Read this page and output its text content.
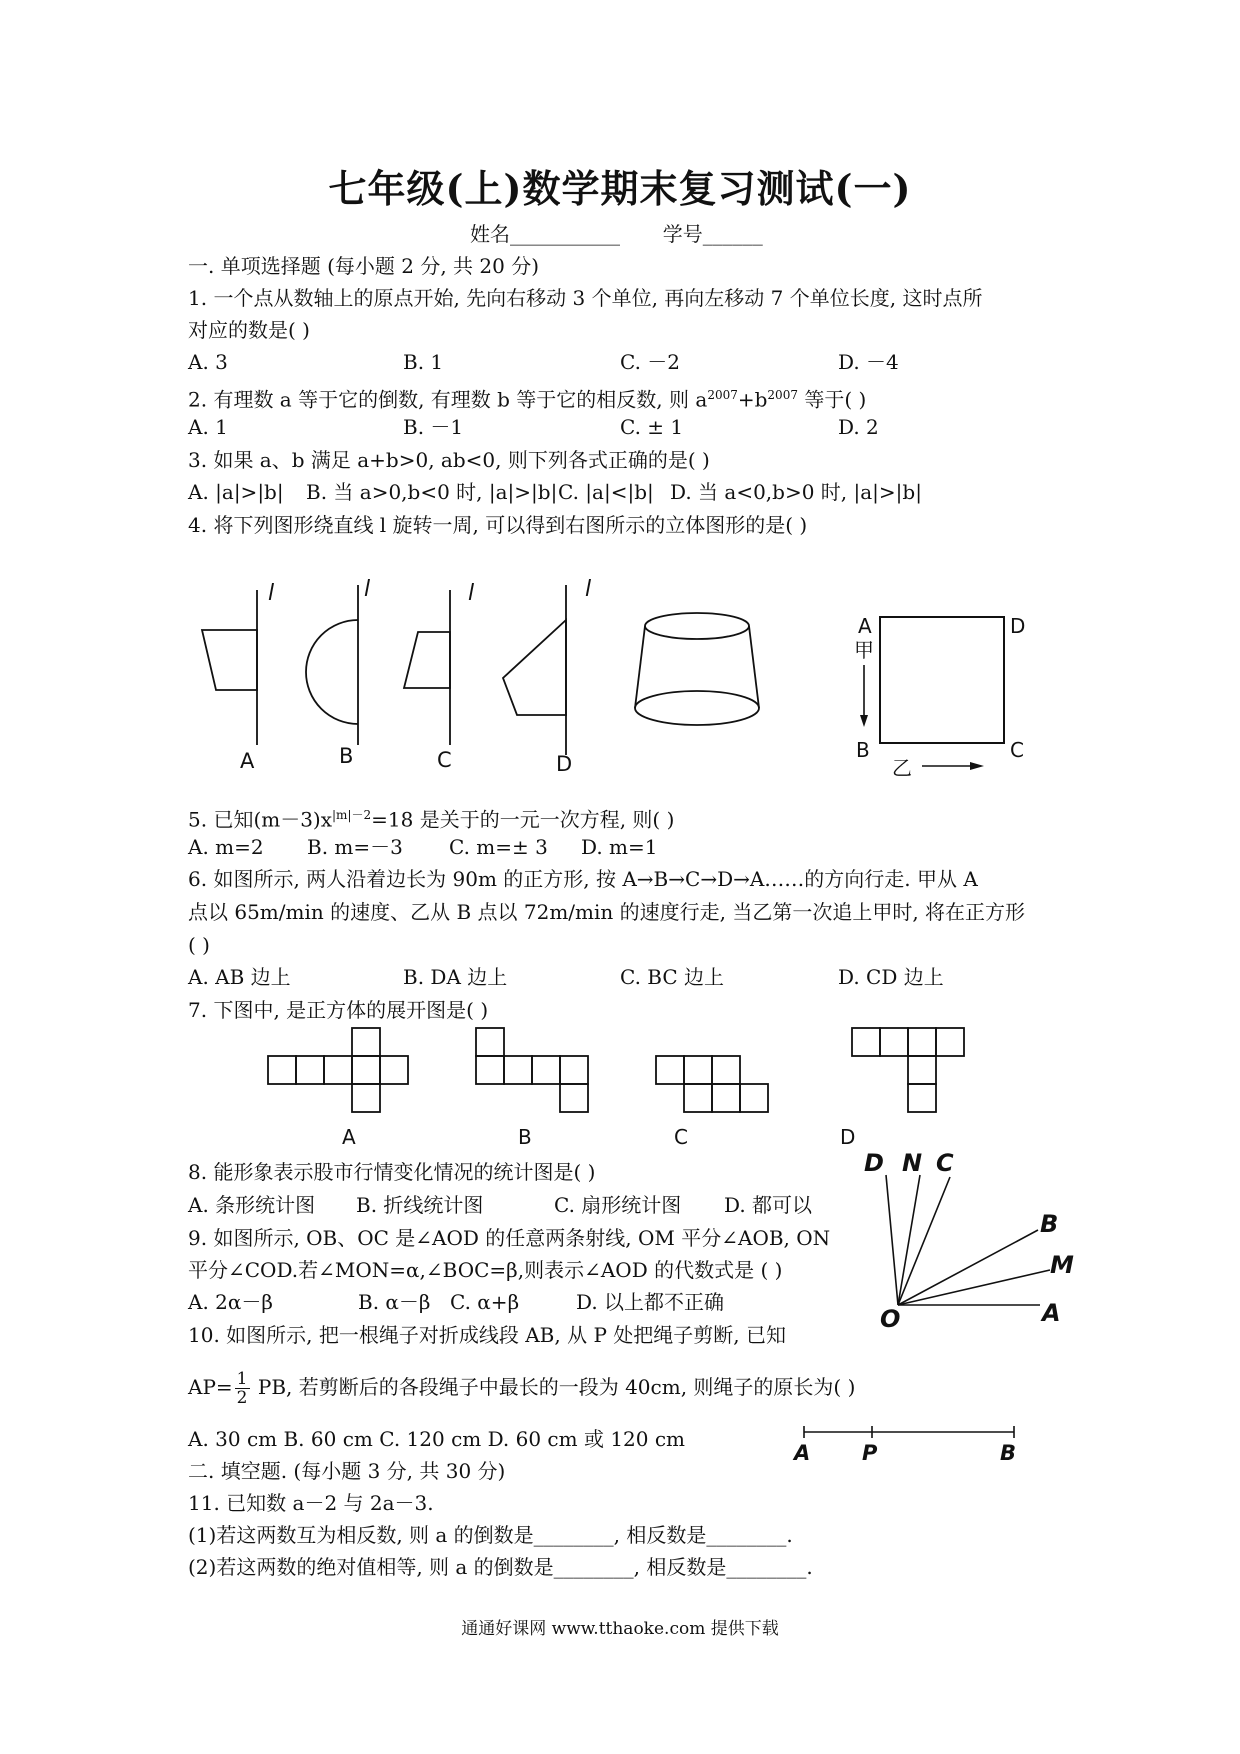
七年级(上)数学期末复习测试(一)
姓名___________ 学号______
一. 单项选择题 (每小题 2 分, 共 20 分)
1. 一个点从数轴上的原点开始, 先向右移动 3 个单位, 再向左移动 7 个单位长度, 这时点所
对应的数是( )
A. 3	B. 1	C. －2	D. －4
2. 有理数 a 等于它的倒数, 有理数 b 等于它的相反数, 则 $a^{2007}+b^{2007}$ 等于( )
A. 1	B. －1	C. ± 1	D. 2
3. 如果 a、b 满足 a+b>0, ab<0, 则下列各式正确的是( )
A. |a|>|b| B. 当 a>0,b<0 时, |a|>|b| C. |a|<|b| D. 当 a<0,b>0 时, |a|>|b|
4. 将下列图形绕直线 l 旋转一周, 可以得到右图所示的立体图形的是( )
l	l	l	l
A	B	C	D
A	D
B	C
甲
乙
5. 已知$(m-3)x^{|m|-2}=18$ 是关于的一元一次方程, 则( )
A. m=2 B. m=－3 C. m=± 3 D. m=1
6. 如图所示, 两人沿着边长为 90m 的正方形, 按 A→B→C→D→A……的方向行走. 甲从 A
点以 65m/min 的速度、乙从 B 点以 72m/min 的速度行走, 当乙第一次追上甲时, 将在正方形
( )
A. AB 边上	B. DA 边上	C. BC 边上	D. CD 边上
7. 下图中, 是正方体的展开图是( )
A	B	C	D
8. 能形象表示股市行情变化情况的统计图是( )
A. 条形统计图 B. 折线统计图	C. 扇形统计图 D. 都可以
9. 如图所示, OB、OC 是∠AOD 的任意两条射线, OM 平分∠AOB, ON
平分∠COD.若∠MON=α,∠BOC=β,则表示∠AOD 的代数式是 ( )
A. 2α－β	B. α－β C. α+β	D. 以上都不正确
D N C
B
M
A
O
10. 如图所示, 把一根绳子对折成线段 AB, 从 P 处把绳子剪断, 已知
$AP= \frac{1}{2}$ PB, 若剪断后的各段绳子中最长的一段为 40cm, 则绳子的原长为( )
A. 30 cm B. 60 cm C. 120 cm D. 60 cm 或 120 cm
A P	B
二. 填空题. (每小题 3 分, 共 30 分)
11. 已知数 a－2 与 2a－3.
(1)若这两数互为相反数, 则 a 的倒数是________, 相反数是________.
(2)若这两数的绝对值相等, 则 a 的倒数是________, 相反数是________.
通通好课网 www.tthaoke.com 提供下载
